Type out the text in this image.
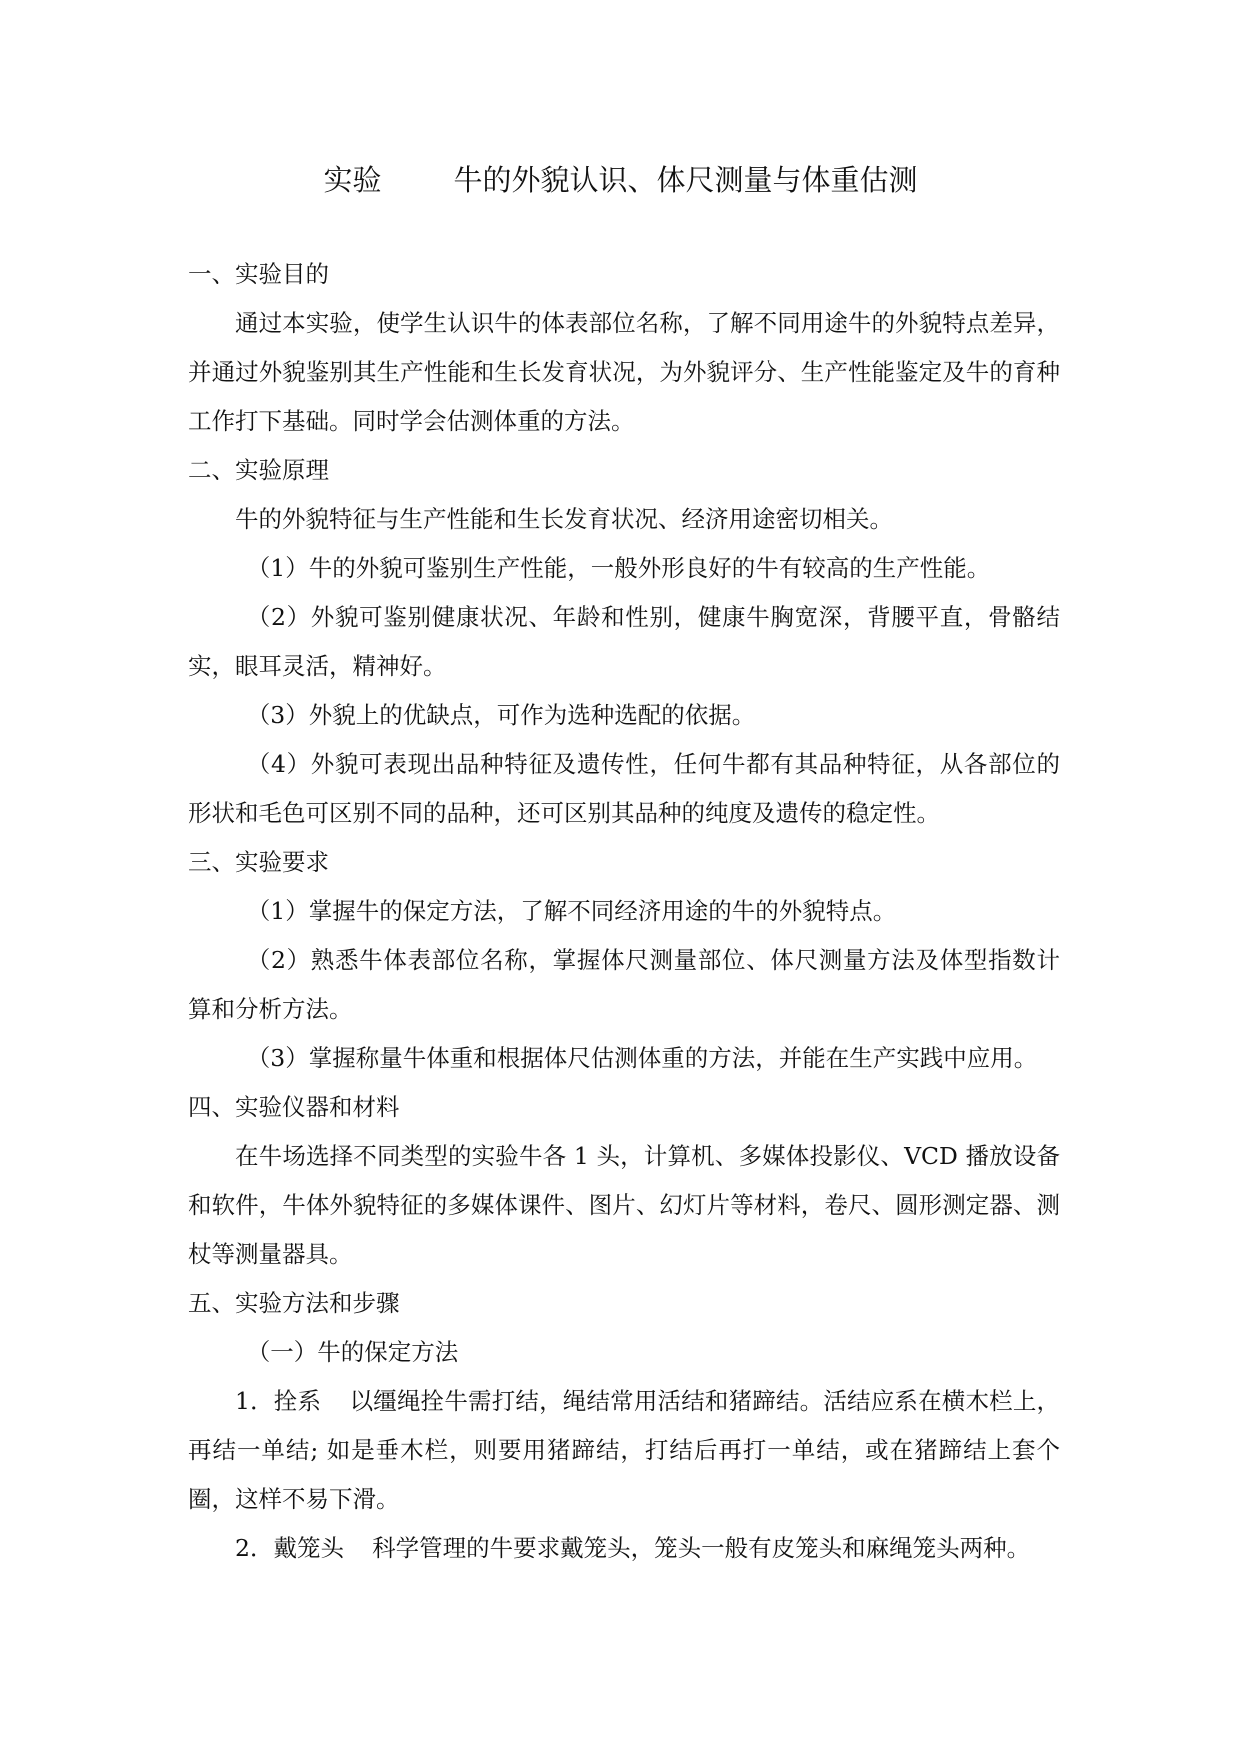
实验 牛的外貌认识、体尺测量与体重估测

一、实验目的

通过本实验，使学生认识牛的体表部位名称，了解不同用途牛的外貌特点差异，并通过外貌鉴别其生产性能和生长发育状况，为外貌评分、生产性能鉴定及牛的育种工作打下基础。同时学会估测体重的方法。

二、实验原理

牛的外貌特征与生产性能和生长发育状况、经济用途密切相关。

（1）牛的外貌可鉴别生产性能，一般外形良好的牛有较高的生产性能。

（2）外貌可鉴别健康状况、年龄和性别，健康牛胸宽深，背腰平直，骨骼结实，眼耳灵活，精神好。

（3）外貌上的优缺点，可作为选种选配的依据。

（4）外貌可表现出品种特征及遗传性，任何牛都有其品种特征，从各部位的形状和毛色可区别不同的品种，还可区别其品种的纯度及遗传的稳定性。

三、实验要求

（1）掌握牛的保定方法，了解不同经济用途的牛的外貌特点。

（2）熟悉牛体表部位名称，掌握体尺测量部位、体尺测量方法及体型指数计算和分析方法。

（3）掌握称量牛体重和根据体尺估测体重的方法，并能在生产实践中应用。

四、实验仪器和材料

在牛场选择不同类型的实验牛各 1 头，计算机、多媒体投影仪、VCD 播放设备和软件，牛体外貌特征的多媒体课件、图片、幻灯片等材料，卷尺、圆形测定器、测杖等测量器具。

五、实验方法和步骤

（一）牛的保定方法

1．拴系 以缰绳拴牛需打结，绳结常用活结和猪蹄结。活结应系在横木栏上，再结一单结; 如是垂木栏，则要用猪蹄结，打结后再打一单结，或在猪蹄结上套个圈，这样不易下滑。

2．戴笼头 科学管理的牛要求戴笼头，笼头一般有皮笼头和麻绳笼头两种。
